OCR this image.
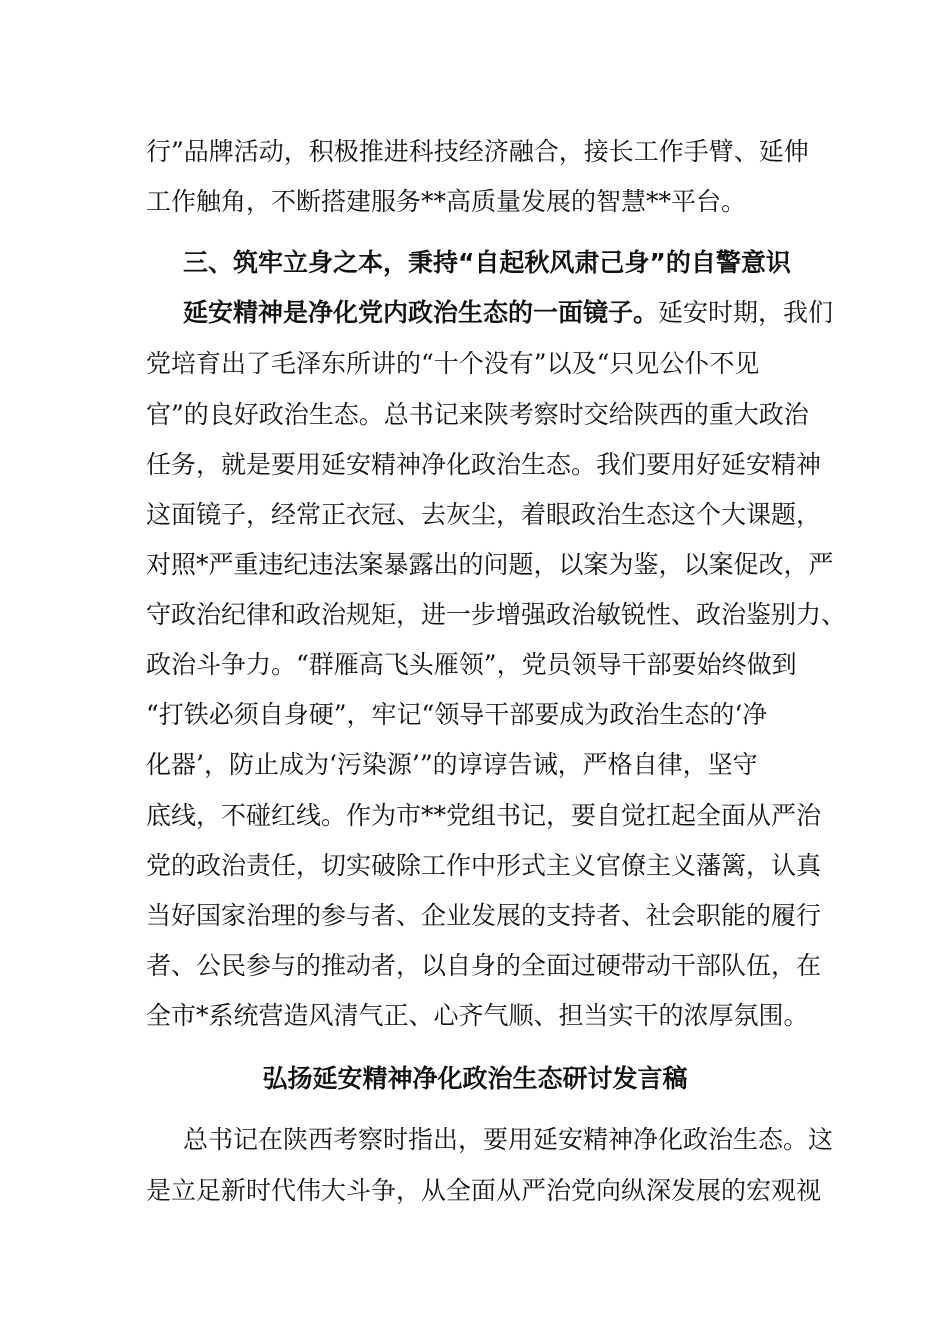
行”品牌活动，积极推进科技经济融合，接长工作手臂、延伸
工作触角，不断搭建服务**高质量发展的智慧**平台。
三、筑牢立身之本，秉持“自起秋风肃己身”的自警意识
延安精神是净化党内政治生态的一面镜子。延安时期，我们
党培育出了毛泽东所讲的“十个没有”以及“只见公仆不见
官”的良好政治生态。总书记来陕考察时交给陕西的重大政治
任务，就是要用延安精神净化政治生态。我们要用好延安精神
这面镜子，经常正衣冠、去灰尘，着眼政治生态这个大课题，
对照*严重违纪违法案暴露出的问题，以案为鉴，以案促改，严
守政治纪律和政治规矩，进一步增强政治敏锐性、政治鉴别力、
政治斗争力。“群雁高飞头雁领”，党员领导干部要始终做到
“打铁必须自身硬”，牢记“领导干部要成为政治生态的‘净
化器’，防止成为‘污染源’”的谆谆告诫，严格自律，坚守
底线，不碰红线。作为市**党组书记，要自觉扛起全面从严治
党的政治责任，切实破除工作中形式主义官僚主义藩篱，认真
当好国家治理的参与者、企业发展的支持者、社会职能的履行
者、公民参与的推动者，以自身的全面过硬带动干部队伍，在
全市*系统营造风清气正、心齐气顺、担当实干的浓厚氛围。
弘扬延安精神净化政治生态研讨发言稿
总书记在陕西考察时指出，要用延安精神净化政治生态。这
是立足新时代伟大斗争，从全面从严治党向纵深发展的宏观视
